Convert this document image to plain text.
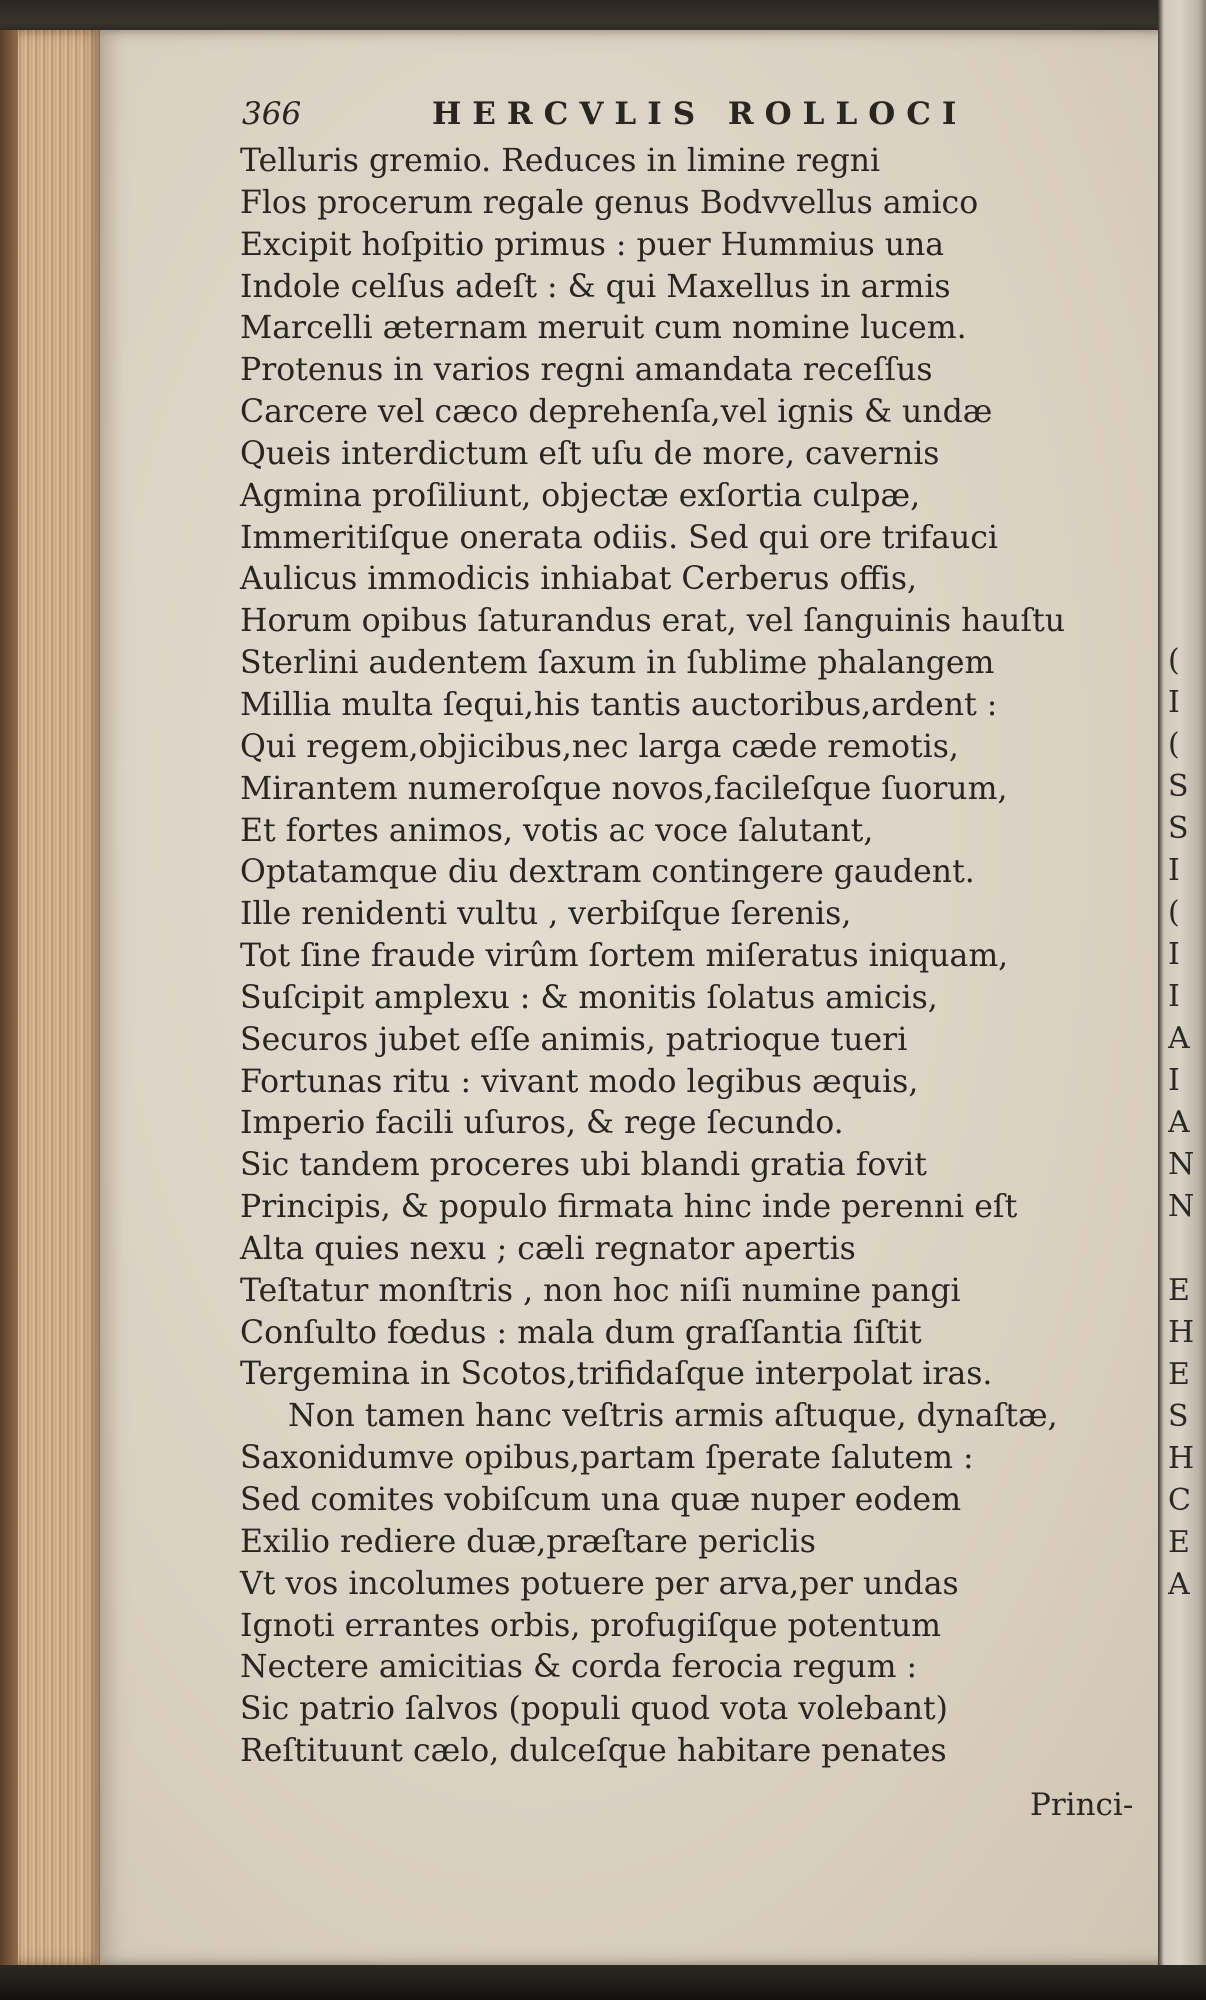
(
I
(
S
S
I
(
I
I
A
I
A
N
N

E
H
E
S
H
C
E
A
366	HERCVLIS ROLLOCI
Telluris gremio. Reduces in limine regni
Flos procerum regale genus Bodvvellus amico
Excipit hoſpitio primus : puer Hummius una
Indole celſus adeſt : & qui Maxellus in armis
Marcelli æternam meruit cum nomine lucem.
Protenus in varios regni amandata receſſus
Carcere vel cæco deprehenſa,vel ignis & undæ
Queis interdictum eſt uſu de more, cavernis
Agmina proſiliunt, objectæ exſortia culpæ,
Immeritiſque onerata odiis. Sed qui ore trifauci
Aulicus immodicis inhiabat Cerberus offis,
Horum opibus ſaturandus erat, vel ſanguinis hauſtu
Sterlini audentem ſaxum in ſublime phalangem
Millia multa ſequi,his tantis auctoribus,ardent :
Qui regem,objicibus,nec larga cæde remotis,
Mirantem numeroſque novos,facileſque ſuorum,
Et fortes animos, votis ac voce ſalutant,
Optatamque diu dextram contingere gaudent.
Ille renidenti vultu , verbiſque ſerenis,
Tot ſine fraude virûm ſortem miſeratus iniquam,
Suſcipit amplexu : & monitis ſolatus amicis,
Securos jubet eſſe animis, patrioque tueri
Fortunas ritu : vivant modo legibus æquis,
Imperio facili uſuros, & rege ſecundo.
Sic tandem proceres ubi blandi gratia fovit
Principis, & populo firmata hinc inde perenni eſt
Alta quies nexu ; cæli regnator apertis
Teſtatur monſtris , non hoc niſi numine pangi
Conſulto fœdus : mala dum graſſantia ſiſtit
Tergemina in Scotos,trifidaſque interpolat iras.
Non tamen hanc veſtris armis aſtuque, dynaſtæ,
Saxonidumve opibus,partam ſperate ſalutem :
Sed comites vobiſcum una quæ nuper eodem
Exilio rediere duæ,præſtare periclis
Vt vos incolumes potuere per arva,per undas
Ignoti errantes orbis, profugiſque potentum
Nectere amicitias & corda ferocia regum :
Sic patrio ſalvos (populi quod vota volebant)
Reſtituunt cælo, dulceſque habitare penates
Princi-
